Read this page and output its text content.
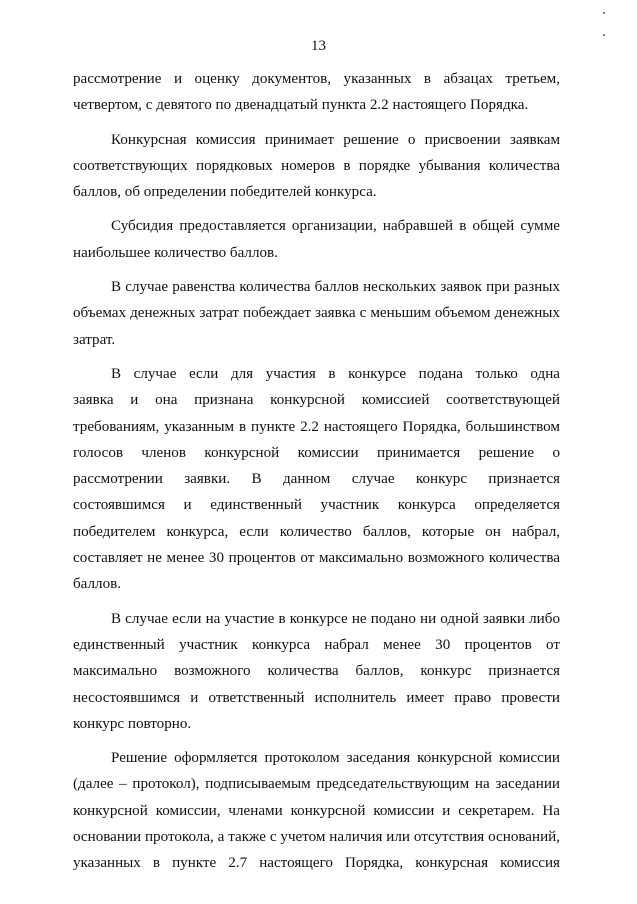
13
рассмотрение и оценку документов, указанных в абзацах третьем,
четвертом, с девятого по двенадцатый пункта 2.2 настоящего Порядка.
Конкурсная комиссия принимает решение о присвоении заявкам
соответствующих порядковых номеров в порядке убывания количества
баллов, об определении победителей конкурса.
Субсидия предоставляется организации, набравшей в общей сумме
наибольшее количество баллов.
В случае равенства количества баллов нескольких заявок при разных
объемах денежных затрат побеждает заявка с меньшим объемом денежных
затрат.
В случае если для участия в конкурсе подана только одна
заявка и она признана конкурсной комиссией соответствующей
требованиям, указанным в пункте 2.2 настоящего Порядка, большинством
голосов членов конкурсной комиссии принимается решение о
рассмотрении заявки. В данном случае конкурс признается
состоявшимся и единственный участник конкурса определяется
победителем конкурса, если количество баллов, которые он набрал,
составляет не менее 30 процентов от максимально возможного количества
баллов.
В случае если на участие в конкурсе не подано ни одной заявки либо
единственный участник конкурса набрал менее 30 процентов от
максимально возможного количества баллов, конкурс признается
несостоявшимся и ответственный исполнитель имеет право провести
конкурс повторно.
Решение оформляется протоколом заседания конкурсной комиссии
(далее – протокол), подписываемым председательствующим на заседании
конкурсной комиссии, членами конкурсной комиссии и секретарем. На
основании протокола, а также с учетом наличия или отсутствия оснований,
указанных в пункте 2.7 настоящего Порядка, конкурсная комиссия
